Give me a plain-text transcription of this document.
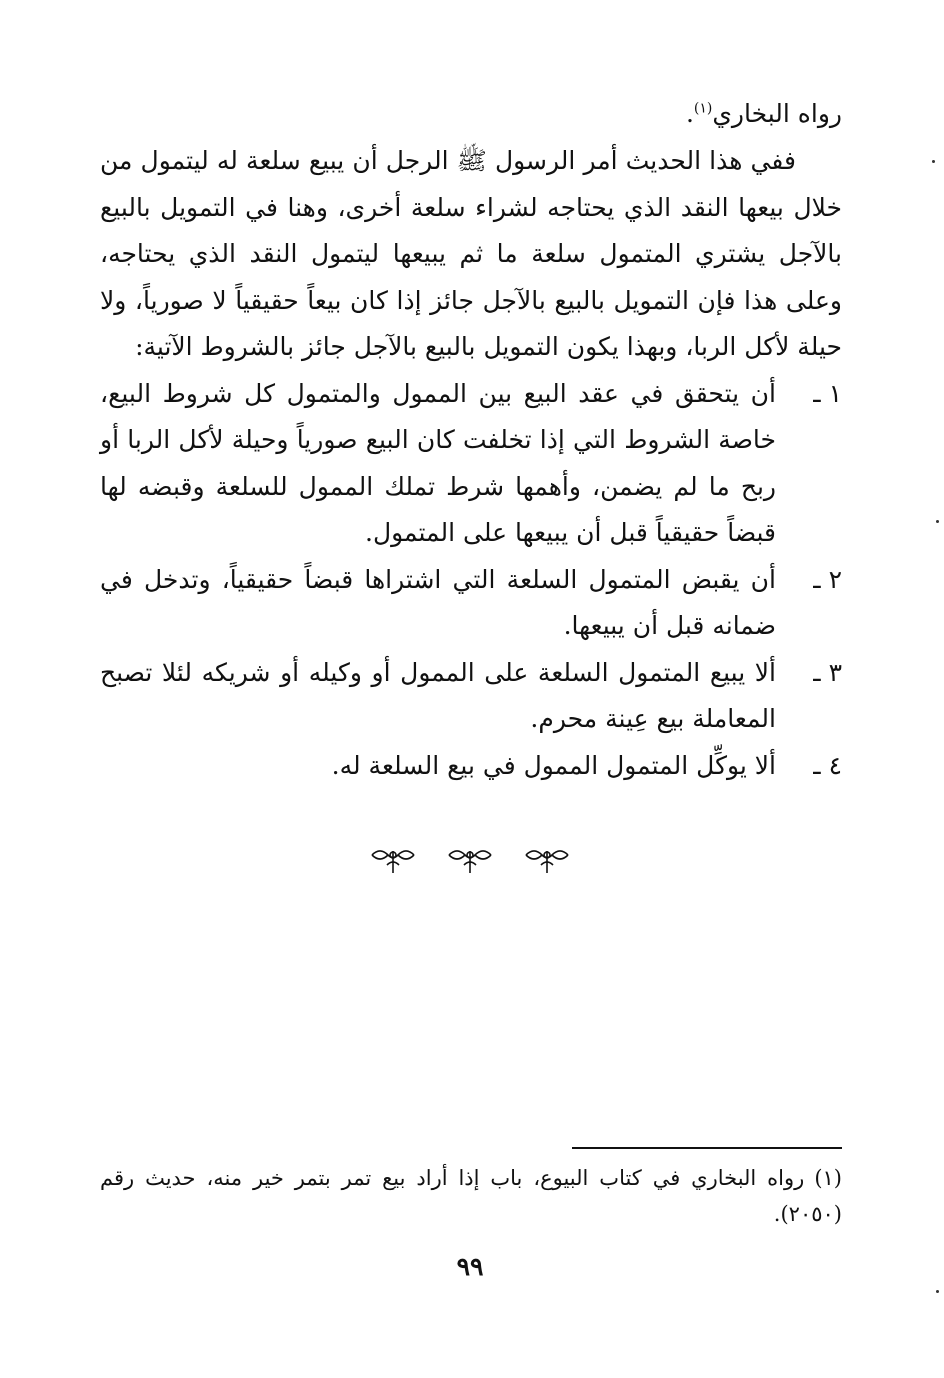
رواه البخاري$^{(١)}$.

ففي هذا الحديث أمر الرسول ﷺ الرجل أن يبيع سلعة له ليتمول من خلال بيعها النقد الذي يحتاجه لشراء سلعة أخرى، وهنا في التمويل بالبيع بالآجل يشتري المتمول سلعة ما ثم يبيعها ليتمول النقد الذي يحتاجه، وعلى هذا فإن التمويل بالبيع بالآجل جائز إذا كان بيعاً حقيقياً لا صورياً، ولا حيلة لأكل الربا، وبهذا يكون التمويل بالبيع بالآجل جائز بالشروط الآتية:

١ ـ
أن يتحقق في عقد البيع بين الممول والمتمول كل شروط البيع، خاصة الشروط التي إذا تخلفت كان البيع صورياً وحيلة لأكل الربا أو ربح ما لم يضمن، وأهمها شرط تملك الممول للسلعة وقبضه لها قبضاً حقيقياً قبل أن يبيعها على المتمول.
٢ ـ
أن يقبض المتمول السلعة التي اشتراها قبضاً حقيقياً، وتدخل في ضمانه قبل أن يبيعها.
٣ ـ
ألا يبيع المتمول السلعة على الممول أو وكيله أو شريكه لئلا تصبح المعاملة بيع عِينة محرم.
٤ ـ
ألا يوكِّل المتمول الممول في بيع السلعة له.
(١)رواه البخاري في كتاب البيوع، باب إذا أراد بيع تمر بتمر خير منه، حديث رقم (٢٠٥٠).
٩٩
